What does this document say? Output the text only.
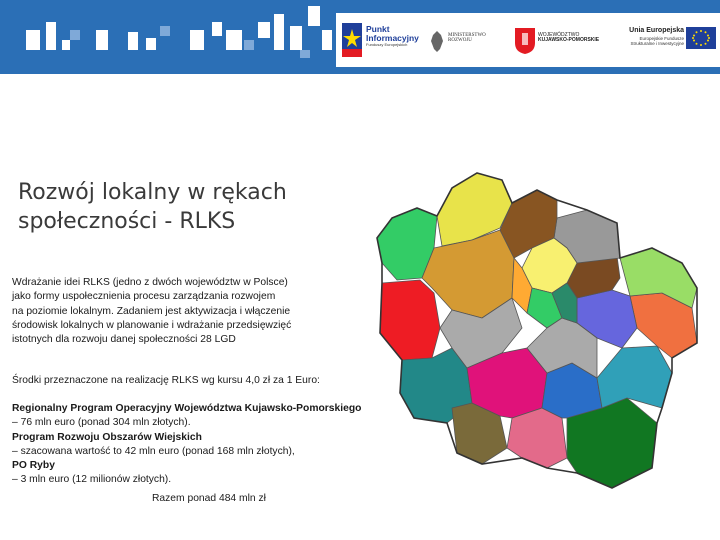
Punkt
Informacyjny
Funduszy Europejskich
MINISTERSTWO
ROZWOJU
WOJEWÓDZTWO
KUJAWSKO-POMORSKIE
Unia Europejska
Europejskie Fundusze
Strukturalne i Inwestycyjne
Rozwój lokalny w rękach
społeczności - RLKS
Wdrażanie idei RLKS (jedno z dwóch województw w Polsce)
jako formy uspołecznienia procesu zarządzania rozwojem
na poziomie lokalnym. Zadaniem jest aktywizacja i włączenie
środowisk lokalnych w planowanie i wdrażanie przedsięwzięć
istotnych dla rozwoju danej społeczności 28 LGD
Środki przeznaczone na realizację RLKS wg kursu 4,0 zł za 1 Euro:
Regionalny Program Operacyjny Województwa Kujawsko-Pomorskiego
– 76 mln euro (ponad 304 mln złotych).
Program Rozwoju Obszarów Wiejskich
– szacowana wartość to 42 mln euro (ponad 168 mln złotych),
PO Ryby
– 3 mln euro (12 milionów złotych).
Razem ponad 484 mln zł
